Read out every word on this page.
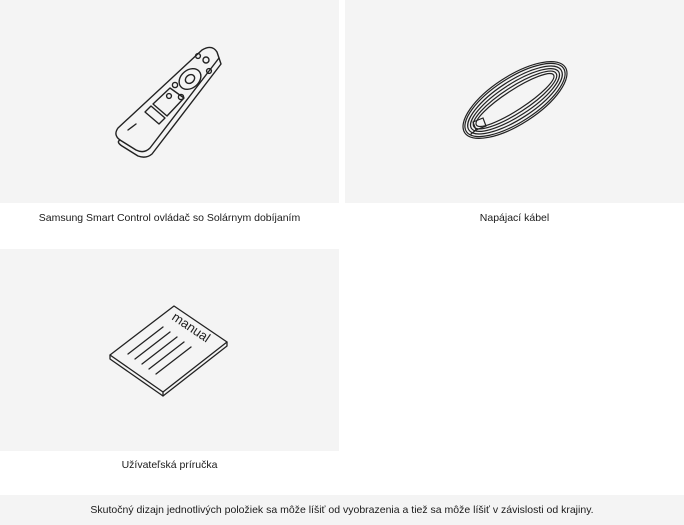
Samsung Smart Control ovládač so Solárnym dobíjaním	Napájací kábel
manual
Užívateľská príručka
Skutočný dizajn jednotlivých položiek sa môže líšiť od vyobrazenia a tiež sa môže líšiť v závislosti od krajiny.
